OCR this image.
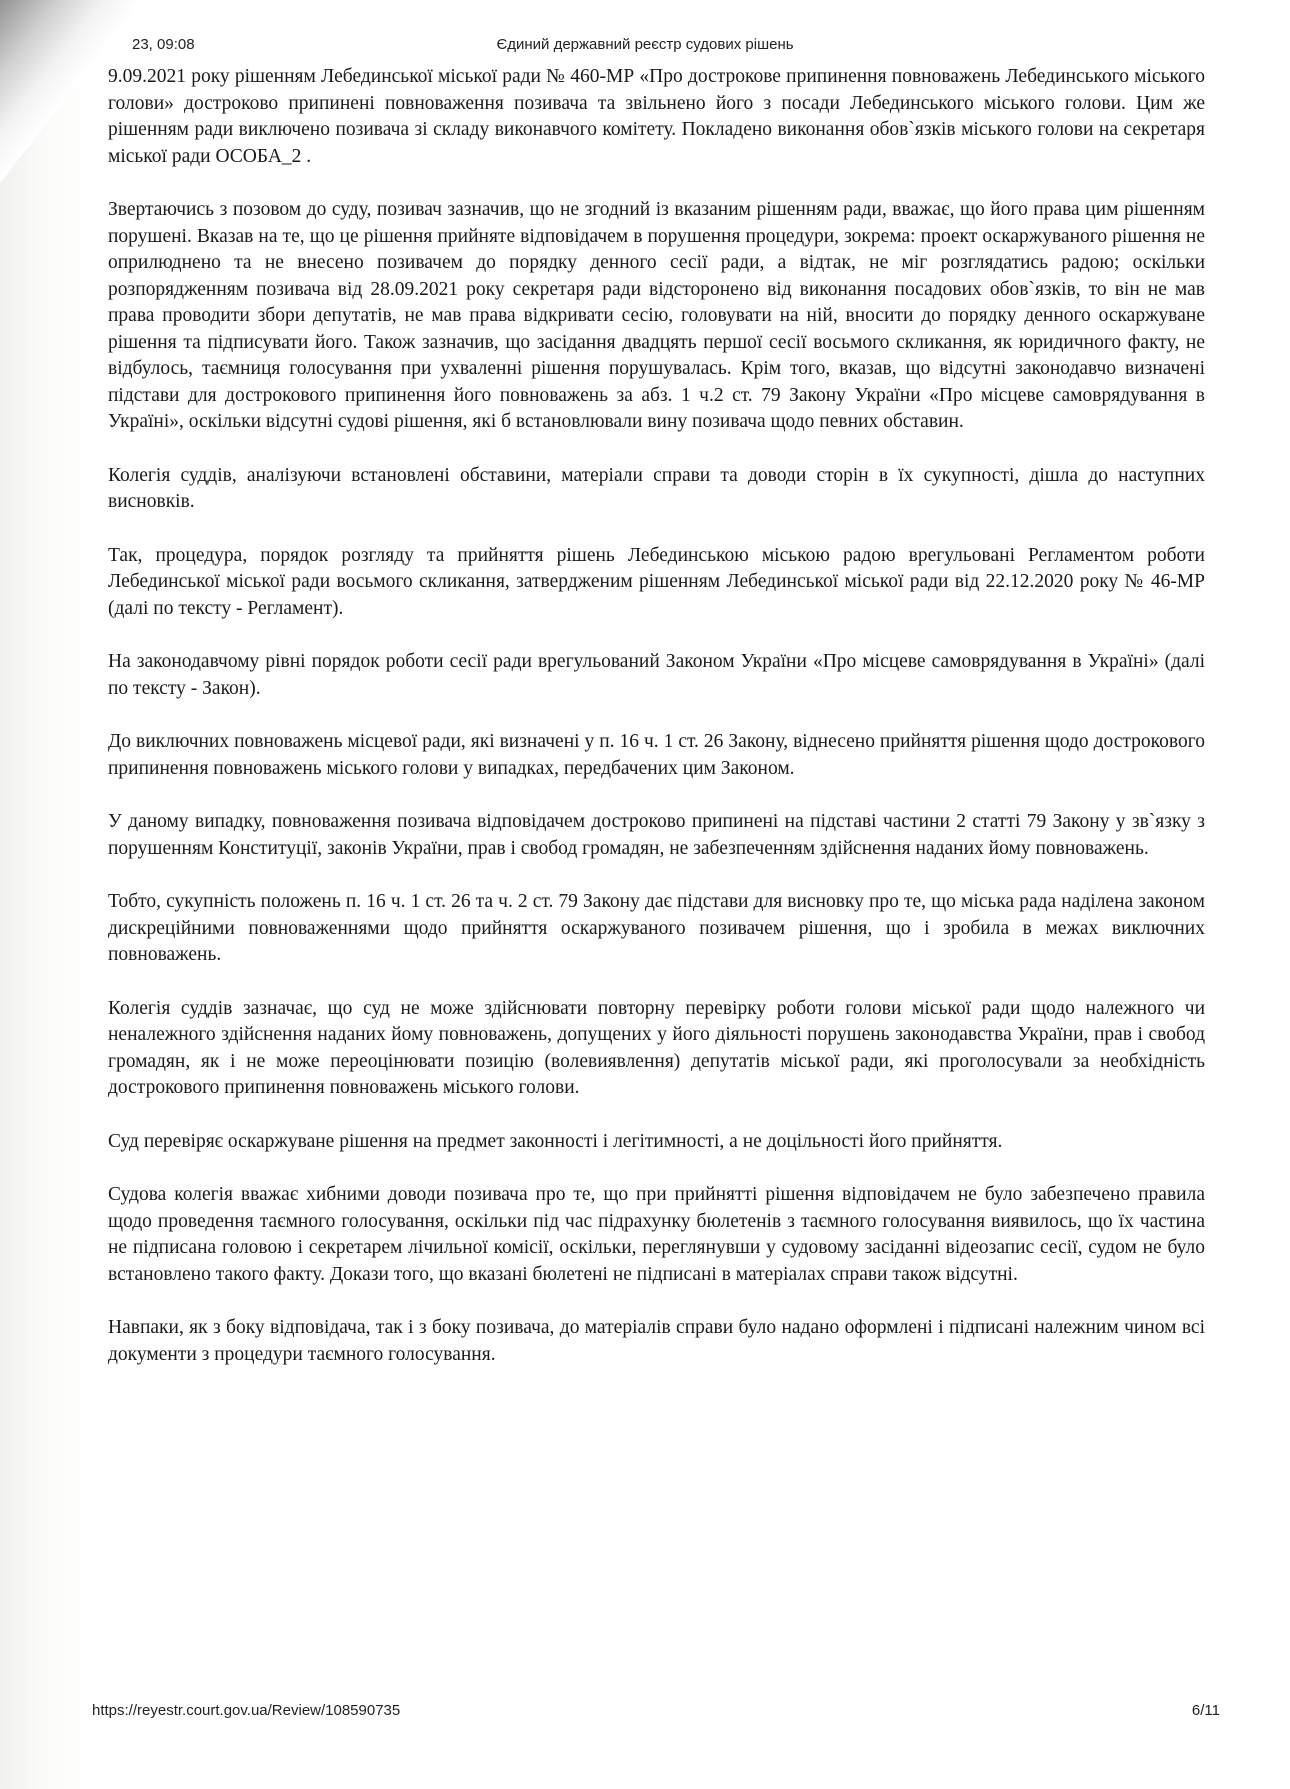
Єдиний державний реєстр судових рішень
23, 09:08

9.09.2021 року рішенням Лебединської міської ради № 460-МР «Про дострокове припинення повноважень Лебединського міського голови» достроково припинені повноваження позивача та звільнено його з посади Лебединського міського голови. Цим же рішенням ради виключено позивача зі складу виконавчого комітету. Покладено виконання обов`язків міського голови на секретаря міської ради ОСОБА_2 .

Звертаючись з позовом до суду, позивач зазначив, що не згодний із вказаним рішенням ради, вважає, що його права цим рішенням порушені. Вказав на те, що це рішення прийняте відповідачем в порушення процедури, зокрема: проект оскаржуваного рішення не оприлюднено та не внесено позивачем до порядку денного сесії ради, а відтак, не міг розглядатись радою; оскільки розпорядженням позивача від 28.09.2021 року секретаря ради відсторонено від виконання посадових обов`язків, то він не мав права проводити збори депутатів, не мав права відкривати сесію, головувати на ній, вносити до порядку денного оскаржуване рішення та підписувати його. Також зазначив, що засідання двадцять першої сесії восьмого скликання, як юридичного факту, не відбулось, таємниця голосування при ухваленні рішення порушувалась. Крім того, вказав, що відсутні законодавчо визначені підстави для дострокового припинення його повноважень за абз. 1 ч.2 ст. 79 Закону України «Про місцеве самоврядування в Україні», оскільки відсутні судові рішення, які б встановлювали вину позивача щодо певних обставин.

Колегія суддів, аналізуючи встановлені обставини, матеріали справи та доводи сторін в їх сукупності, дішла до наступних висновків.

Так, процедура, порядок розгляду та прийняття рішень Лебединською міською радою врегульовані Регламентом роботи Лебединської міської ради восьмого скликання, затвердженим рішенням Лебединської міської ради від 22.12.2020 року № 46-МР (далі по тексту - Регламент).

На законодавчому рівні порядок роботи сесії ради врегульований Законом України «Про місцеве самоврядування в Україні» (далі по тексту - Закон).

До виключних повноважень місцевої ради, які визначені у п. 16 ч. 1 ст. 26 Закону, віднесено прийняття рішення щодо дострокового припинення повноважень міського голови у випадках, передбачених цим Законом.

У даному випадку, повноваження позивача відповідачем достроково припинені на підставі частини 2 статті 79 Закону у зв`язку з порушенням Конституції, законів України, прав і свобод громадян, не забезпеченням здійснення наданих йому повноважень.

Тобто, сукупність положень п. 16 ч. 1 ст. 26 та ч. 2 ст. 79 Закону дає підстави для висновку про те, що міська рада наділена законом дискреційними повноваженнями щодо прийняття оскаржуваного позивачем рішення, що і зробила в межах виключних повноважень.

Колегія суддів зазначає, що суд не може здійснювати повторну перевірку роботи голови міської ради щодо належного чи неналежного здійснення наданих йому повноважень, допущених у його діяльності порушень законодавства України, прав і свобод громадян, як і не може переоцінювати позицію (волевиявлення) депутатів міської ради, які проголосували за необхідність дострокового припинення повноважень міського голови.

Суд перевіряє оскаржуване рішення на предмет законності і легітимності, а не доцільності його прийняття.

Судова колегія вважає хибними доводи позивача про те, що при прийнятті рішення відповідачем не було забезпечено правила щодо проведення таємного голосування, оскільки під час підрахунку бюлетенів з таємного голосування виявилось, що їх частина не підписана головою і секретарем лічильної комісії, оскільки, переглянувши у судовому засіданні відеозапис сесії, судом не було встановлено такого факту. Докази того, що вказані бюлетені не підписані в матеріалах справи також відсутні.

Навпаки, як з боку відповідача, так і з боку позивача, до матеріалів справи було надано оформлені і підписані належним чином всі документи з процедури таємного голосування.

https://reyestr.court.gov.ua/Review/108590735	6/11
